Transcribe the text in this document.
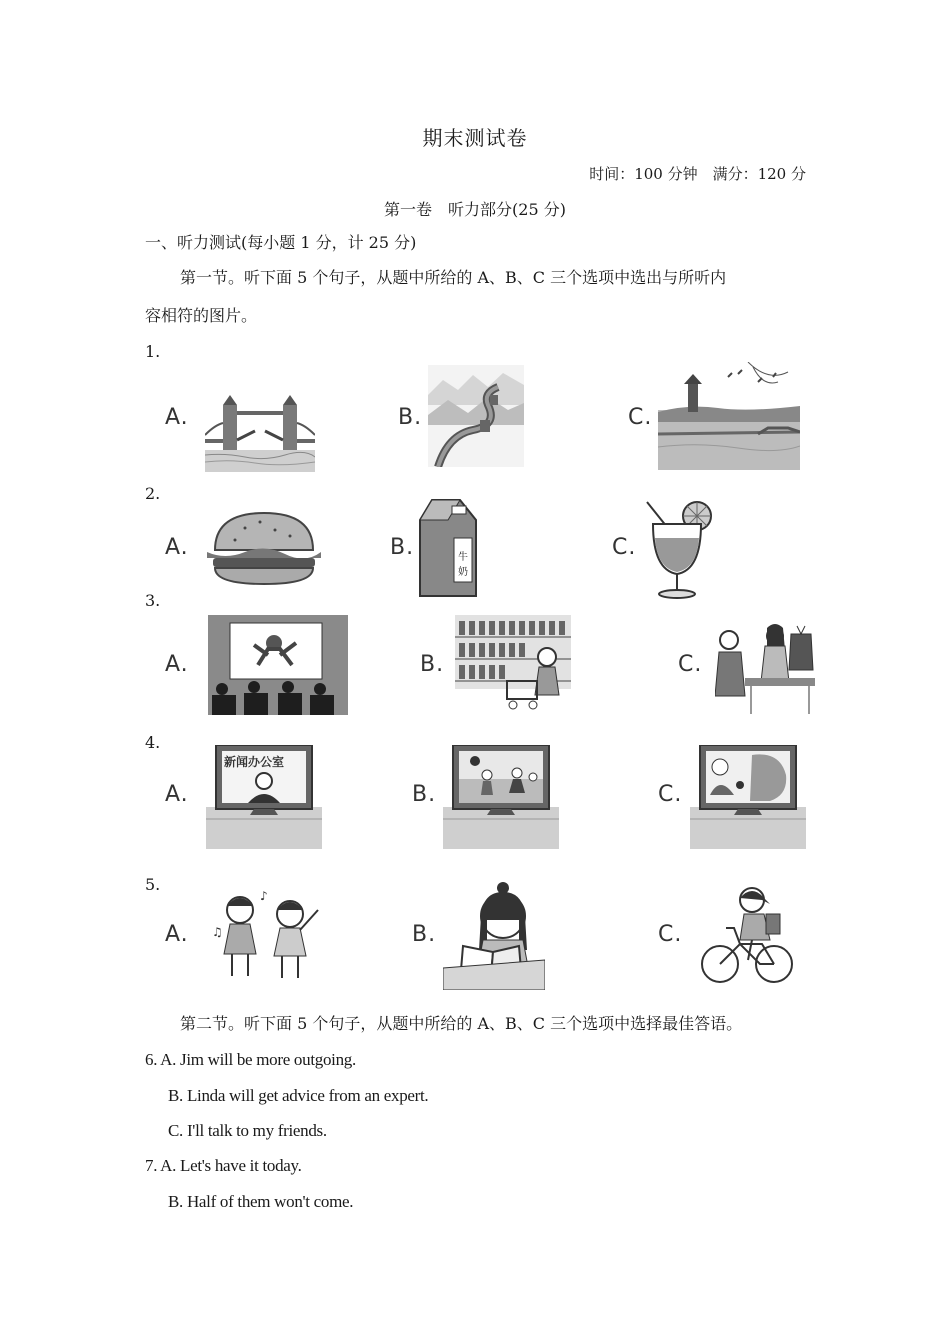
期末测试卷
时间：100 分钟　满分：120 分
第一卷　听力部分(25 分)
一、听力测试(每小题 1 分，计 25 分)
第一节。听下面 5 个句子，从题中所给的 A、B、C 三个选项中选出与所听内
容相符的图片。
1.
A.	B.	C.
2.
A.	B.	牛
奶
C.
3.
A.	B.	C.
4.
A.
新闻办公室
B.	C.
5.
A.
♪
♫	B.	C.
第二节。听下面 5 个句子，从题中所给的 A、B、C 三个选项中选择最佳答语。
6. A. Jim will be more outgoing.
B. Linda will get advice from an expert.
C. I'll talk to my friends.
7. A. Let's have it today.
B. Half of them won't come.
